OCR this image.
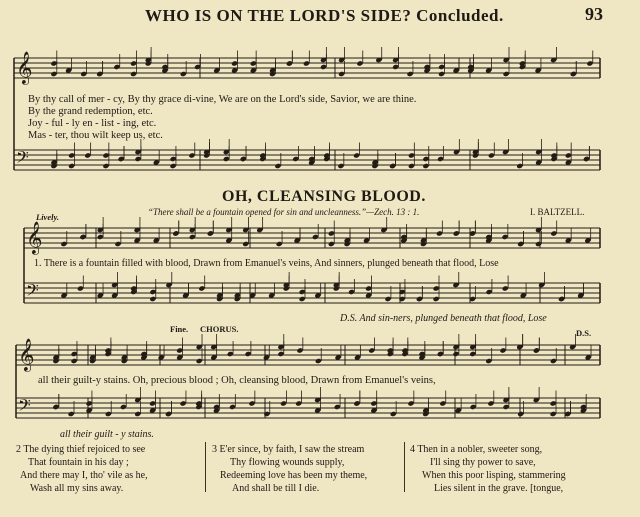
WHO IS ON THE LORD'S SIDE? Concluded.	93
𝄞
𝄢
𝄞
𝄢
𝄞
𝄢
By thy call of mer - cy, By thy grace di-vine, We are on the Lord's side, Savior, we are thine.
By the grand redemption, etc.
Joy - ful - ly en - list - ing, etc.
Mas - ter, thou wilt keep us, etc.
OH, CLEANSING BLOOD.
“There shall be a fountain opened for sin and uncleanness.”—Zech. 13 : 1.	I. BALTZELL.
Lively.
1. There is a fountain filled with blood, Drawn from Emanuel's veins, And sinners, plunged beneath that flood, Lose
D.S. And sin-ners, plunged beneath that flood, Lose
Fine. CHORUS.	D.S.
all their guilt-y stains. Oh, precious blood ; Oh, cleansing blood, Drawn from Emanuel's veins,
all their guilt - y stains.
2 The dying thief rejoiced to see
That fountain in his day ;
And there may I, tho' vile as he,
Wash all my sins away.
3 E'er since, by faith, I saw the stream
Thy flowing wounds supply,
Redeeming love has been my theme,
And shall be till I die.
4 Then in a nobler, sweeter song,
I'll sing thy power to save,
When this poor lisping, stammering
Lies silent in the grave. [tongue,
